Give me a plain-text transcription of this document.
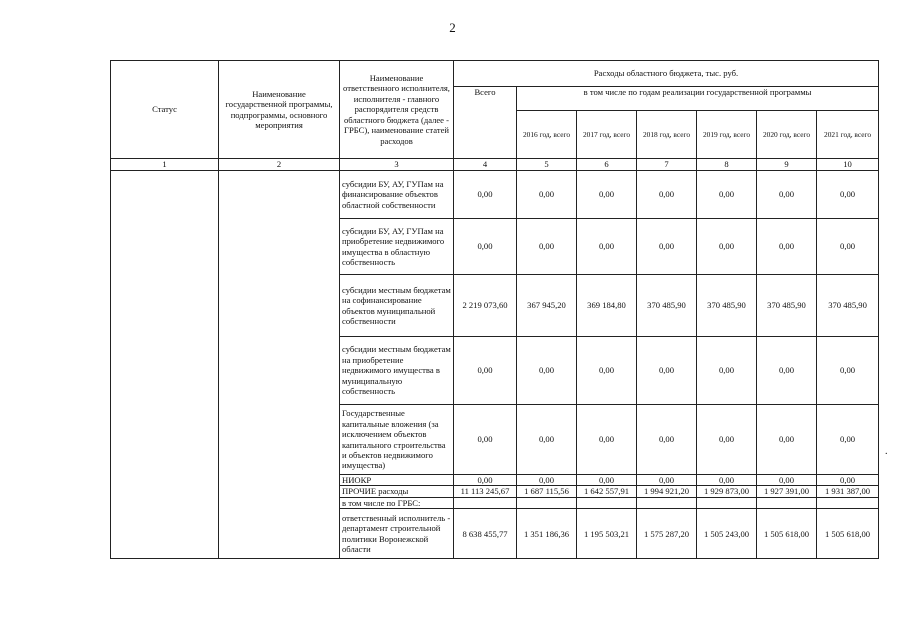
2
Статус	Наименование государственной программы, подпрограммы, основного мероприятия	Наименование ответственного исполнителя, исполнителя - главного распорядителя средств областного бюджета (далее - ГРБС), наименование статей расходов	Расходы областного бюджета, тыс. руб.						
			Всего	в том числе по годам реализации государственной программы					
				2016 год, всего	2017 год, всего	2018 год, всего	2019 год, всего	2020 год, всего	2021 год, всего
1	2	3	4	5	6	7	8	9	10
		субсидии БУ, АУ, ГУПам на финансирование объектов областной собственности	0,00	0,00	0,00	0,00	0,00	0,00	0,00
		субсидии БУ, АУ, ГУПам на приобретение недвижимого имущества в областную собственность	0,00	0,00	0,00	0,00	0,00	0,00	0,00
		субсидии местным бюджетам на софинансирование объектов муниципальной собственности	2 219 073,60	367 945,20	369 184,80	370 485,90	370 485,90	370 485,90	370 485,90
		субсидии местным бюджетам на приобретение недвижимого имущества в муниципальную собственность	0,00	0,00	0,00	0,00	0,00	0,00	0,00
		Государственные капитальные вложения (за исключением объектов капитального строительства и объектов недвижимого имущества)	0,00	0,00	0,00	0,00	0,00	0,00	0,00
		НИОКР	0,00	0,00	0,00	0,00	0,00	0,00	0,00
		ПРОЧИЕ расходы	11 113 245,67	1 687 115,56	1 642 557,91	1 994 921,20	1 929 873,00	1 927 391,00	1 931 387,00
		в том числе по ГРБС:							
		ответственный исполнитель - департамент строительной политики Воронежской области	8 638 455,77	1 351 186,36	1 195 503,21	1 575 287,20	1 505 243,00	1 505 618,00	1 505 618,00
.
